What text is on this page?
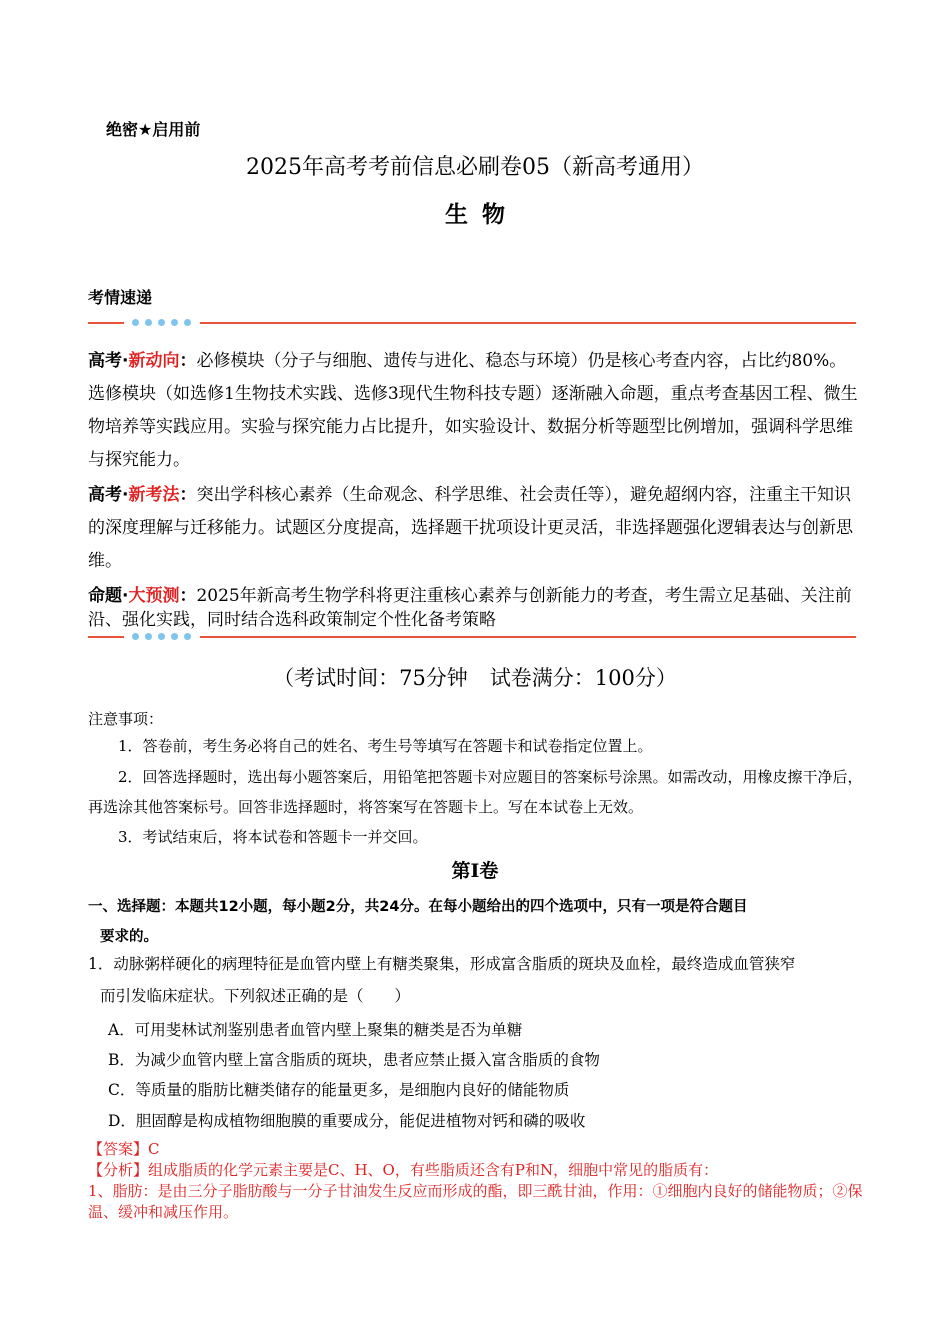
绝密★启用前
2025年高考考前信息必刷卷05（新高考通用）
生物
考情速递
高考·新动向：必修模块（分子与细胞、遗传与进化、稳态与环境）仍是核心考查内容，占比约80%。选修模块（如选修1生物技术实践、选修3现代生物科技专题）逐渐融入命题，重点考查基因工程、微生物培养等实践应用。实验与探究能力占比提升，如实验设计、数据分析等题型比例增加，强调科学思维与探究能力。
高考·新考法：突出学科核心素养（生命观念、科学思维、社会责任等），避免超纲内容，注重主干知识的深度理解与迁移能力。试题区分度提高，选择题干扰项设计更灵活，非选择题强化逻辑表达与创新思维。
命题·大预测：2025年新高考生物学科将更注重核心素养与创新能力的考查，考生需立足基础、关注前沿、强化实践，同时结合选科政策制定个性化备考策略
（考试时间：75分钟 试卷满分：100分）
注意事项：
1．答卷前，考生务必将自己的姓名、考生号等填写在答题卡和试卷指定位置上。
2．回答选择题时，选出每小题答案后，用铅笔把答题卡对应题目的答案标号涂黑。如需改动，用橡皮擦干净后，再选涂其他答案标号。回答非选择题时，将答案写在答题卡上。写在本试卷上无效。
3．考试结束后，将本试卷和答题卡一并交回。
第Ⅰ卷
一、选择题：本题共12小题，每小题2分，共24分。在每小题给出的四个选项中，只有一项是符合题目
要求的。
1．动脉粥样硬化的病理特征是血管内壁上有糖类聚集，形成富含脂质的斑块及血栓，最终造成血管狭窄
而引发临床症状。下列叙述正确的是（　　）
A．可用斐林试剂鉴别患者血管内壁上聚集的糖类是否为单糖
B．为减少血管内壁上富含脂质的斑块，患者应禁止摄入富含脂质的食物
C．等质量的脂肪比糖类储存的能量更多，是细胞内良好的储能物质
D．胆固醇是构成植物细胞膜的重要成分，能促进植物对钙和磷的吸收
【答案】C
【分析】组成脂质的化学元素主要是C、H、O，有些脂质还含有P和N，细胞中常见的脂质有：
1、脂肪：是由三分子脂肪酸与一分子甘油发生反应而形成的酯，即三酰甘油，作用：①细胞内良好的储能物质；②保温、缓冲和减压作用。
